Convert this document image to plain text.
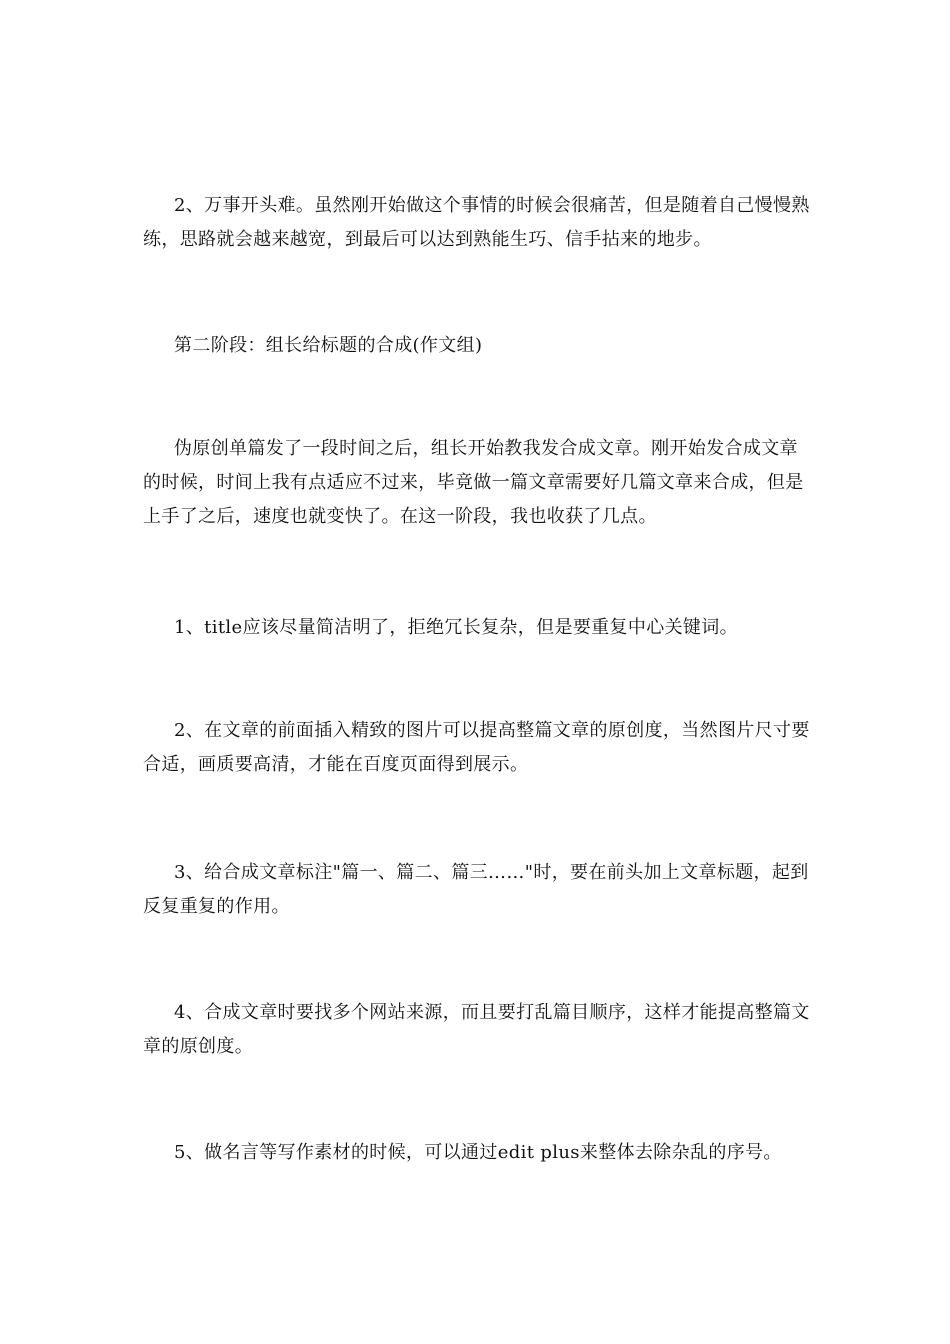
2、万事开头难。虽然刚开始做这个事情的时候会很痛苦，但是随着自己慢慢熟练，思路就会越来越宽，到最后可以达到熟能生巧、信手拈来的地步。

第二阶段：组长给标题的合成(作文组)

伪原创单篇发了一段时间之后，组长开始教我发合成文章。刚开始发合成文章的时候，时间上我有点适应不过来，毕竟做一篇文章需要好几篇文章来合成，但是上手了之后，速度也就变快了。在这一阶段，我也收获了几点。

1、title应该尽量简洁明了，拒绝冗长复杂，但是要重复中心关键词。

2、在文章的前面插入精致的图片可以提高整篇文章的原创度，当然图片尺寸要合适，画质要高清，才能在百度页面得到展示。

3、给合成文章标注"篇一、篇二、篇三……"时，要在前头加上文章标题，起到反复重复的作用。

4、合成文章时要找多个网站来源，而且要打乱篇目顺序，这样才能提高整篇文章的原创度。

5、做名言等写作素材的时候，可以通过edit plus来整体去除杂乱的序号。
